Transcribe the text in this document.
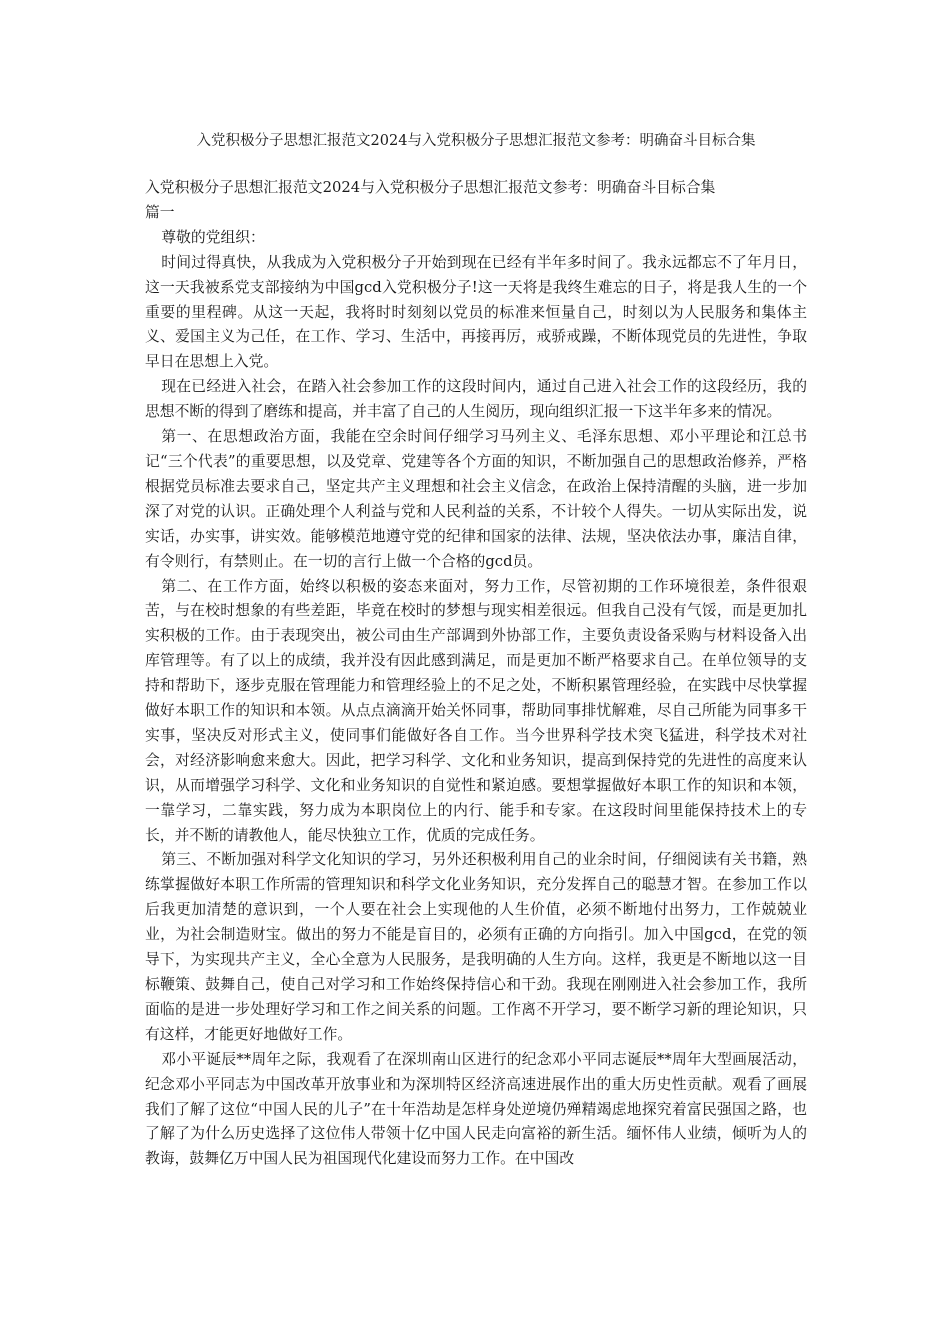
入党积极分子思想汇报范文2024与入党积极分子思想汇报范文参考：明确奋斗目标合集

入党积极分子思想汇报范文2024与入党积极分子思想汇报范文参考：明确奋斗目标合集

篇一

尊敬的党组织：

时间过得真快，从我成为入党积极分子开始到现在已经有半年多时间了。我永远都忘不了年月日，这一天我被系党支部接纳为中国gcd入党积极分子!这一天将是我终生难忘的日子，将是我人生的一个重要的里程碑。从这一天起，我将时时刻刻以党员的标准来恒量自己，时刻以为人民服务和集体主义、爱国主义为己任，在工作、学习、生活中，再接再厉，戒骄戒躁，不断体现党员的先进性，争取早日在思想上入党。

现在已经进入社会，在踏入社会参加工作的这段时间内，通过自己进入社会工作的这段经历，我的思想不断的得到了磨练和提高，并丰富了自己的人生阅历，现向组织汇报一下这半年多来的情况。

第一、在思想政治方面，我能在空余时间仔细学习马列主义、毛泽东思想、邓小平理论和江总书记“三个代表”的重要思想，以及党章、党建等各个方面的知识，不断加强自己的思想政治修养，严格根据党员标准去要求自己，坚定共产主义理想和社会主义信念，在政治上保持清醒的头脑，进一步加深了对党的认识。正确处理个人利益与党和人民利益的关系，不计较个人得失。一切从实际出发，说实话，办实事，讲实效。能够模范地遵守党的纪律和国家的法律、法规，坚决依法办事，廉洁自律，有令则行，有禁则止。在一切的言行上做一个合格的gcd员。

第二、在工作方面，始终以积极的姿态来面对，努力工作，尽管初期的工作环境很差，条件很艰苦，与在校时想象的有些差距，毕竟在校时的梦想与现实相差很远。但我自己没有气馁，而是更加扎实积极的工作。由于表现突出，被公司由生产部调到外协部工作，主要负责设备采购与材料设备入出库管理等。有了以上的成绩，我并没有因此感到满足，而是更加不断严格要求自己。在单位领导的支持和帮助下，逐步克服在管理能力和管理经验上的不足之处，不断积累管理经验，在实践中尽快掌握做好本职工作的知识和本领。从点点滴滴开始关怀同事，帮助同事排忧解难，尽自己所能为同事多干实事，坚决反对形式主义，使同事们能做好各自工作。当今世界科学技术突飞猛进，科学技术对社会，对经济影响愈来愈大。因此，把学习科学、文化和业务知识，提高到保持党的先进性的高度来认识，从而增强学习科学、文化和业务知识的自觉性和紧迫感。要想掌握做好本职工作的知识和本领，一靠学习，二靠实践，努力成为本职岗位上的内行、能手和专家。在这段时间里能保持技术上的专长，并不断的请教他人，能尽快独立工作，优质的完成任务。

第三、不断加强对科学文化知识的学习，另外还积极利用自己的业余时间，仔细阅读有关书籍，熟练掌握做好本职工作所需的管理知识和科学文化业务知识，充分发挥自己的聪慧才智。在参加工作以后我更加清楚的意识到，一个人要在社会上实现他的人生价值，必须不断地付出努力，工作兢兢业业，为社会制造财宝。做出的努力不能是盲目的，必须有正确的方向指引。加入中国gcd，在党的领导下，为实现共产主义，全心全意为人民服务，是我明确的人生方向。这样，我更是不断地以这一目标鞭策、鼓舞自己，使自己对学习和工作始终保持信心和干劲。我现在刚刚进入社会参加工作，我所面临的是进一步处理好学习和工作之间关系的问题。工作离不开学习，要不断学习新的理论知识，只有这样，才能更好地做好工作。

邓小平诞辰**周年之际，我观看了在深圳南山区进行的纪念邓小平同志诞辰**周年大型画展活动，纪念邓小平同志为中国改革开放事业和为深圳特区经济高速进展作出的重大历史性贡献。观看了画展我们了解了这位“中国人民的儿子”在十年浩劫是怎样身处逆境仍殚精竭虑地探究着富民强国之路，也了解了为什么历史选择了这位伟人带领十亿中国人民走向富裕的新生活。缅怀伟人业绩，倾听为人的教诲，鼓舞亿万中国人民为祖国现代化建设而努力工作。在中国改
